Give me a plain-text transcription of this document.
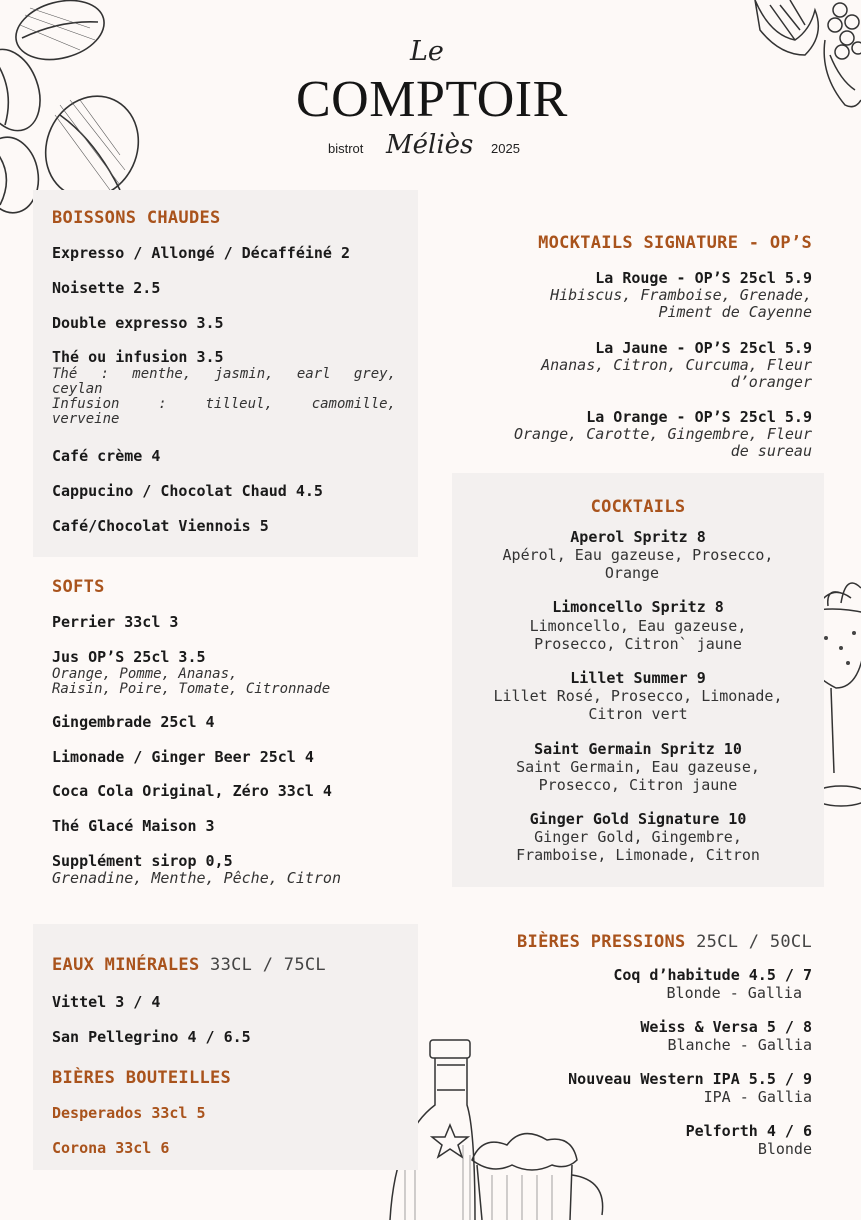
Le
COMPTOIR
bistrot Méliès 2025
BOISSONS CHAUDES
Expresso / Allongé / Décafféiné 2
Noisette 2.5
Double expresso 3.5
Thé ou infusion 3.5
Thé : menthe, jasmin, earl grey,
ceylan
Infusion : tilleul, camomille,
verveine
Café crème 4
Cappucino / Chocolat Chaud 4.5
Café/Chocolat Viennois 5
SOFTS
Perrier 33cl 3
Jus OP’S 25cl 3.5
Orange, Pomme, Ananas,
Raisin, Poire, Tomate, Citronnade
Gingembrade 25cl 4
Limonade / Ginger Beer 25cl 4
Coca Cola Original, Zéro 33cl 4
Thé Glacé Maison 3
Supplément sirop 0,5
Grenadine, Menthe, Pêche, Citron
EAUX MINÉRALES 33CL / 75CL
Vittel 3 / 4
San Pellegrino 4 / 6.5
BIÈRES BOUTEILLES
Desperados 33cl 5
Corona 33cl 6
MOCKTAILS SIGNATURE - OP’S
La Rouge - OP’S 25cl 5.9
Hibiscus, Framboise, Grenade,
Piment de Cayenne
La Jaune - OP’S 25cl 5.9
Ananas, Citron, Curcuma, Fleur
d’oranger
La Orange - OP’S 25cl 5.9
Orange, Carotte, Gingembre, Fleur
de sureau
COCKTAILS
Aperol Spritz 8
Apérol, Eau gazeuse, Prosecco,
Orange
Limoncello Spritz 8
Limoncello, Eau gazeuse,
Prosecco, Citron` jaune
Lillet Summer 9
Lillet Rosé, Prosecco, Limonade,
Citron vert
Saint Germain Spritz 10
Saint Germain, Eau gazeuse,
Prosecco, Citron jaune
Ginger Gold Signature 10
Ginger Gold, Gingembre,
Framboise, Limonade, Citron
BIÈRES PRESSIONS 25CL / 50CL
Coq d’habitude 4.5 / 7
Blonde - Gallia
Weiss & Versa 5 / 8
Blanche - Gallia
Nouveau Western IPA 5.5 / 9
IPA - Gallia
Pelforth 4 / 6
Blonde
